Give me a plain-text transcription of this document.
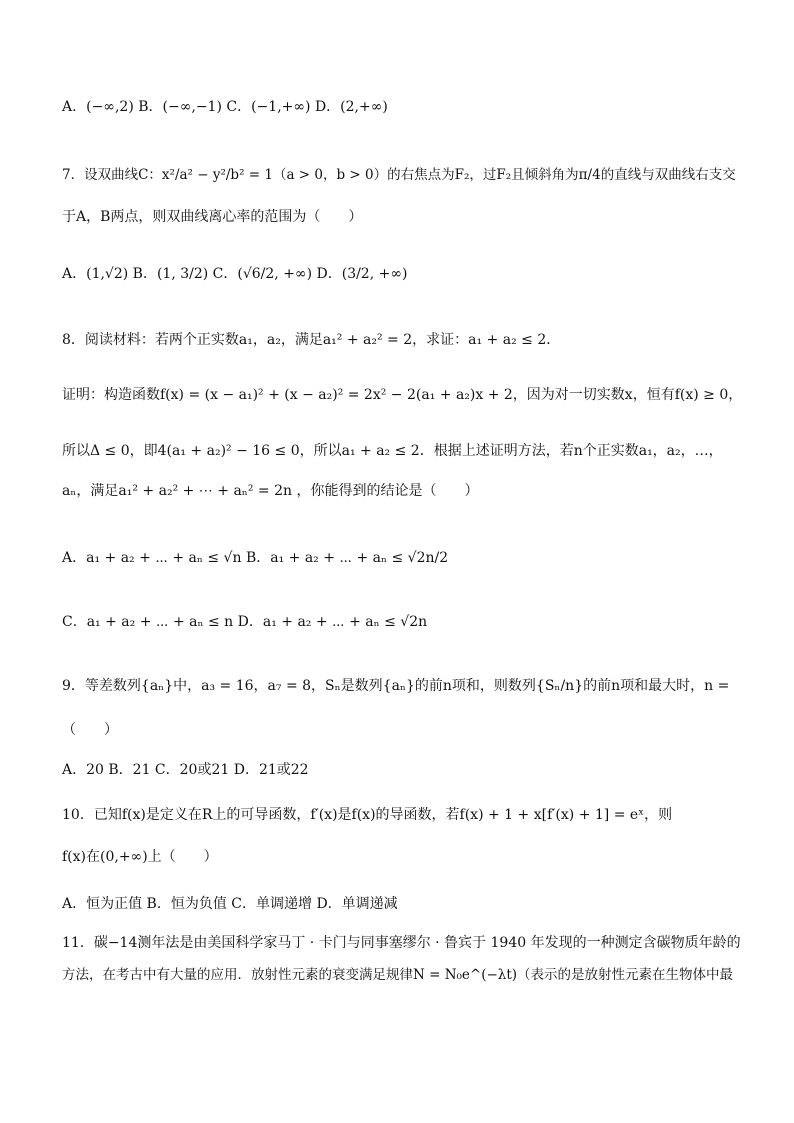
A．(−∞,2) B．(−∞,−1) C．(−1,+∞) D．(2,+∞)
7．设双曲线C：x²/a² − y²/b² = 1（a > 0，b > 0）的右焦点为F₂，过F₂且倾斜角为π/4的直线与双曲线右支交
于A，B两点，则双曲线离心率的范围为（　　）
A．(1,√2) B．(1, 3/2) C．(√6/2, +∞) D．(3/2, +∞)
8．阅读材料：若两个正实数a₁，a₂，满足a₁² + a₂² = 2，求证：a₁ + a₂ ≤ 2．
证明：构造函数f(x) = (x − a₁)² + (x − a₂)² = 2x² − 2(a₁ + a₂)x + 2，因为对一切实数x，恒有f(x) ≥ 0，
所以Δ ≤ 0，即4(a₁ + a₂)² − 16 ≤ 0，所以a₁ + a₂ ≤ 2．根据上述证明方法，若n个正实数a₁，a₂，…，
aₙ，满足a₁² + a₂² + ⋯ + aₙ² = 2n ，你能得到的结论是（　　）
A．a₁ + a₂ + ⋯ + aₙ ≤ √n B．a₁ + a₂ + ⋯ + aₙ ≤ √2n/2
C．a₁ + a₂ + ⋯ + aₙ ≤ n D．a₁ + a₂ + ⋯ + aₙ ≤ √2n
9．等差数列{aₙ}中，a₃ = 16，a₇ = 8，Sₙ是数列{aₙ}的前n项和，则数列{Sₙ/n}的前n项和最大时，n =
（　　）
A．20 B．21 C．20或21 D．21或22
10．已知f(x)是定义在R上的可导函数，f′(x)是f(x)的导函数，若f(x) + 1 + x[f′(x) + 1] = eˣ，则
f(x)在(0,+∞)上（　　）
A．恒为正值 B．恒为负值 C．单调递增 D．单调递减
11．碳−14测年法是由美国科学家马丁 · 卡门与同事塞缪尔 · 鲁宾于 1940 年发现的一种测定含碳物质年龄的
方法，在考古中有大量的应用．放射性元素的衰变满足规律N = N₀e^(−λt)（表示的是放射性元素在生物体中最
